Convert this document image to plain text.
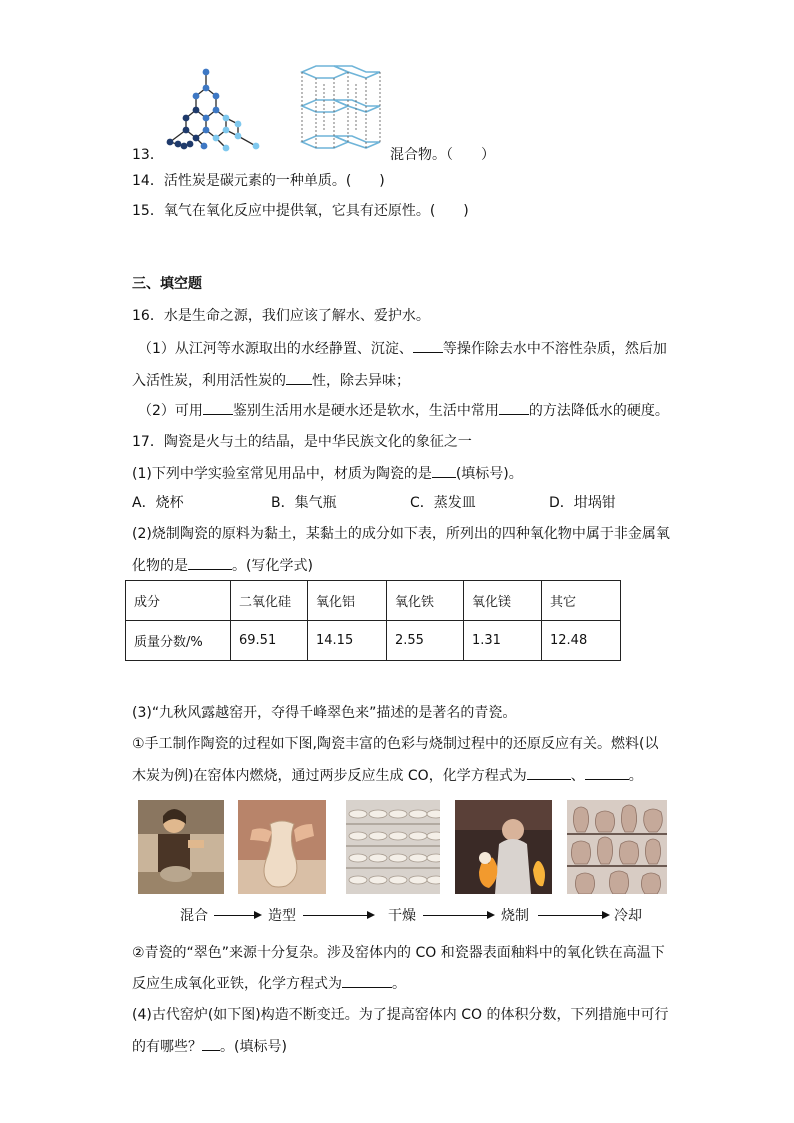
13．	混合物。（　　）
14．活性炭是碳元素的一种单质。(　　)
15．氧气在氧化反应中提供氧，它具有还原性。(　　)
三、填空题
16．水是生命之源，我们应该了解水、爱护水。
（1）从江河等水源取出的水经静置、沉淀、 等操作除去水中不溶性杂质，然后加
入活性炭，利用活性炭的 性，除去异味；
（2）可用 鉴别生活用水是硬水还是软水，生活中常用 的方法降低水的硬度。
17．陶瓷是火与土的结晶，是中华民族文化的象征之一
(1)下列中学实验室常见用品中，材质为陶瓷的是 (填标号)。
A．烧杯	B．集气瓶	C．蒸发皿	D．坩埚钳
(2)烧制陶瓷的原料为黏土，某黏土的成分如下表，所列出的四种氧化物中属于非金属氧
化物的是	。(写化学式)
成分	二氧化硅	氧化铝	氧化铁	氧化镁	其它
质量分数/%	69.51	14.15	2.55	1.31	12.48
(3)“九秋风露越窑开，夺得千峰翠色来”描述的是著名的青瓷。
①手工制作陶瓷的过程如下图,陶瓷丰富的色彩与烧制过程中的还原反应有关。燃料(以
木炭为例)在窑体内燃烧，通过两步反应生成 CO，化学方程式为	、	。
混合	造型	干燥	烧制	冷却
②青瓷的“翠色”来源十分复杂。涉及窑体内的 CO 和瓷器表面釉料中的氧化铁在高温下
反应生成氧化亚铁，化学方程式为	。
(4)古代窑炉(如下图)构造不断变迁。为了提高窑体内 CO 的体积分数，下列措施中可行
的有哪些？ 。(填标号)
